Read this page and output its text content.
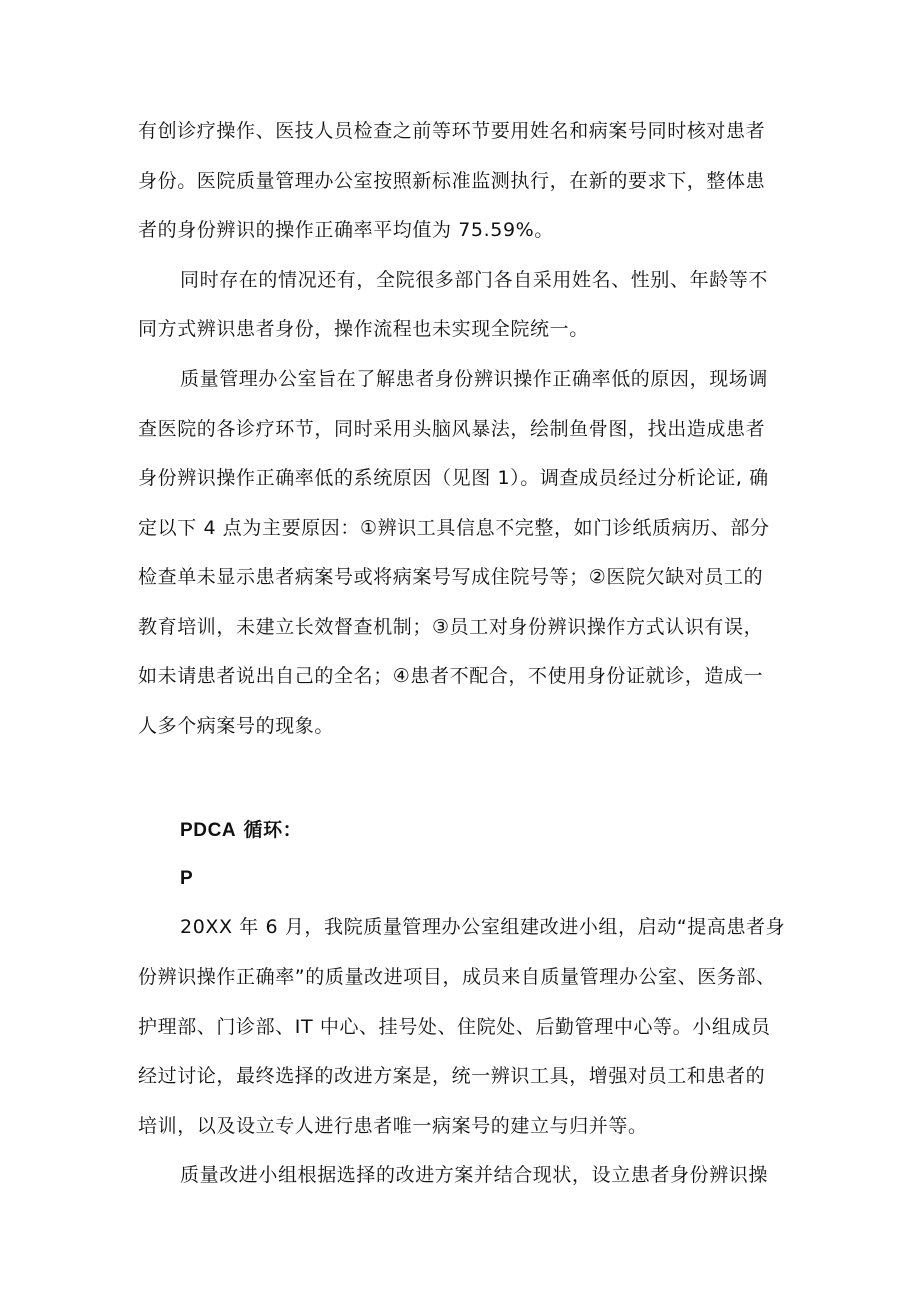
有创诊疗操作、医技人员检查之前等环节要用姓名和病案号同时核对患者
身份。医院质量管理办公室按照新标准监测执行，在新的要求下，整体患
者的身份辨识的操作正确率平均值为 75.59%。
同时存在的情况还有，全院很多部门各自采用姓名、性别、年龄等不
同方式辨识患者身份，操作流程也未实现全院统一。
质量管理办公室旨在了解患者身份辨识操作正确率低的原因，现场调
查医院的各诊疗环节，同时采用头脑风暴法，绘制鱼骨图，找出造成患者
身份辨识操作正确率低的系统原因（见图 1）。调查成员经过分析论证, 确
定以下 4 点为主要原因：①辨识工具信息不完整，如门诊纸质病历、部分
检查单未显示患者病案号或将病案号写成住院号等；②医院欠缺对员工的
教育培训，未建立长效督查机制；③员工对身份辨识操作方式认识有误，
如未请患者说出自己的全名；④患者不配合，不使用身份证就诊，造成一
人多个病案号的现象。
PDCA 循环：
P
20XX 年 6 月，我院质量管理办公室组建改进小组，启动“提高患者身
份辨识操作正确率”的质量改进项目，成员来自质量管理办公室、医务部、
护理部、门诊部、IT 中心、挂号处、住院处、后勤管理中心等。小组成员
经过讨论，最终选择的改进方案是，统一辨识工具，增强对员工和患者的
培训，以及设立专人进行患者唯一病案号的建立与归并等。
质量改进小组根据选择的改进方案并结合现状，设立患者身份辨识操
